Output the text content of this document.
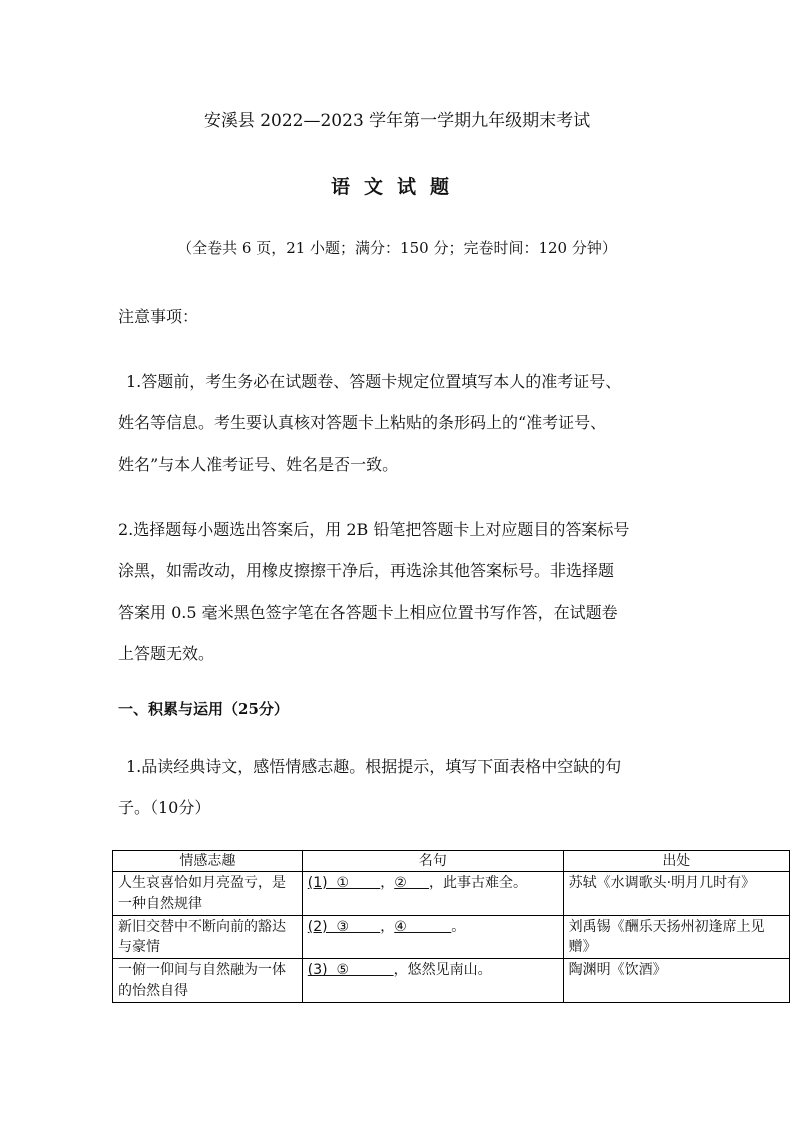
安溪县 2022—2023 学年第一学期九年级期末考试
语文试题
（全卷共 6 页，21 小题；满分：150 分；完卷时间：120 分钟）
注意事项：
1.答题前，考生务必在试题卷、答题卡规定位置填写本人的准考证号、
姓名等信息。考生要认真核对答题卡上粘贴的条形码上的“准考证号、
姓名”与本人准考证号、姓名是否一致。
2.选择题每小题选出答案后，用 2B 铅笔把答题卡上对应题目的答案标号
涂黑，如需改动，用橡皮擦擦干净后，再选涂其他答案标号。非选择题
答案用 0.5 毫米黑色签字笔在各答题卡上相应位置书写作答，在试题卷
上答题无效。
一、积累与运用（25分）
1.品读经典诗文，感悟情感志趣。根据提示，填写下面表格中空缺的句
子。（10分）
情感志趣	名句	出处
人生哀喜恰如月亮盈亏，是一种自然规律	(1)  ①       ，②     ，此事古难全。	苏轼《水调歌头·明月几时有》
新旧交替中不断向前的豁达与豪情	(2)  ③       ，④          。	刘禹锡《酬乐天扬州初逢席上见赠》
一俯一仰间与自然融为一体的怡然自得	(3)  ⑤          ，悠然见南山。	陶渊明《饮酒》
